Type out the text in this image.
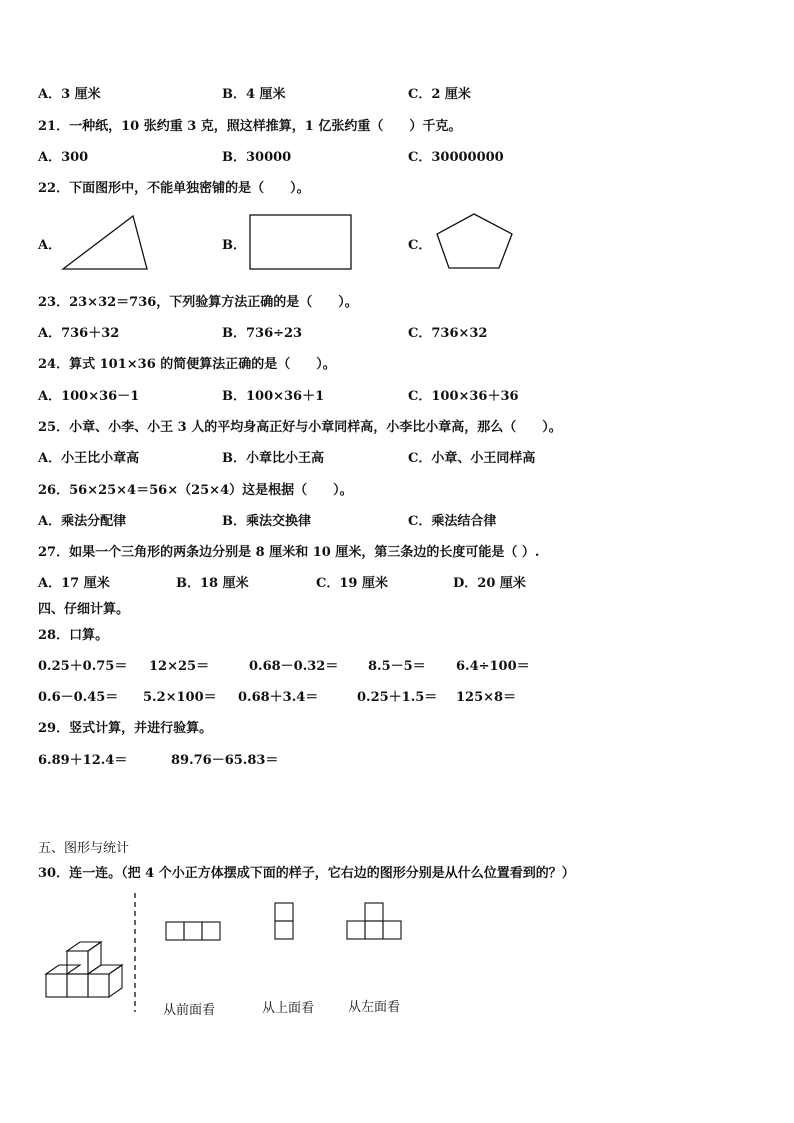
A．3 厘米	B．4 厘米	C．2 厘米
21．一种纸，10 张约重 3 克，照这样推算，1 亿张约重（　　）千克。
A．300	B．30000	C．30000000
22．下面图形中，不能单独密铺的是（　　）。
A．	B．	C．
23．23×32＝736，下列验算方法正确的是（　　）。
A．736＋32	B．736÷23	C．736×32
24．算式 101×36 的简便算法正确的是（　　）。
A．100×36－1	B．100×36＋1	C．100×36＋36
25．小章、小李、小王 3 人的平均身高正好与小章同样高，小李比小章高，那么（　　）。
A．小王比小章高	B．小章比小王高	C．小章、小王同样高
26．56×25×4＝56×（25×4）这是根据（　　）。
A．乘法分配律	B．乘法交换律	C．乘法结合律
27．如果一个三角形的两条边分别是 8 厘米和 10 厘米，第三条边的长度可能是（ ）.
A．17 厘米	B．18 厘米	C．19 厘米	D．20 厘米
四、仔细计算。
28．口算。
0.25＋0.75＝ 12×25＝	0.68－0.32＝ 8.5－5＝ 6.4÷100＝
0.6－0.45＝ 5.2×100＝ 0.68＋3.4＝	0.25＋1.5＝ 125×8＝
29．竖式计算，并进行验算。
6.89＋12.4＝	89.76－65.83＝
五、图形与统计
30．连一连。（把 4 个小正方体摆成下面的样子，它右边的图形分别是从什么位置看到的？）
从前面看	从上面看	从左面看
